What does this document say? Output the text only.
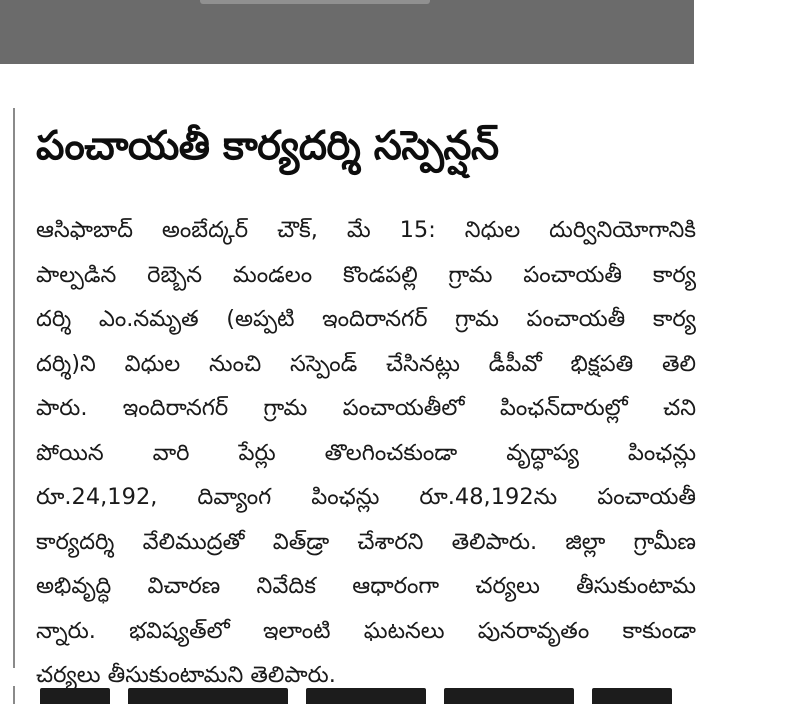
పంచాయతీ కార్యదర్శి సస్పెన్షన్
ఆసిఫాబాద్ అంబేద్కర్ చౌక్, మే 15: నిధుల దుర్వినియోగానికి
పాల్పడిన రెబ్బెన మండలం కొండపల్లి గ్రామ పంచాయతీ కార్య
దర్శి ఎం.నమృత (అప్పటి ఇందిరానగర్ గ్రామ పంచాయతీ కార్య
దర్శి)ని విధుల నుంచి సస్పెండ్ చేసినట్లు డీపీవో భిక్షపతి తెలి
పారు. ఇందిరానగర్ గ్రామ పంచాయతీలో పింఛన్‌దారుల్లో చని
పోయిన వారి పేర్లు తొలగించకుండా వృద్ధాప్య పింఛన్లు
రూ.24,192, దివ్యాంగ పింఛన్లు రూ.48,192ను పంచాయతీ
కార్యదర్శి వేలిముద్రతో విత్‌డ్రా చేశారని తెలిపారు. జిల్లా గ్రామీణ
అభివృద్ధి విచారణ నివేదిక ఆధారంగా చర్యలు తీసుకుంటామ
న్నారు. భవిష్యత్‌లో ఇలాంటి ఘటనలు పునరావృతం కాకుండా
చర్యలు తీసుకుంటామని తెలిపారు.
